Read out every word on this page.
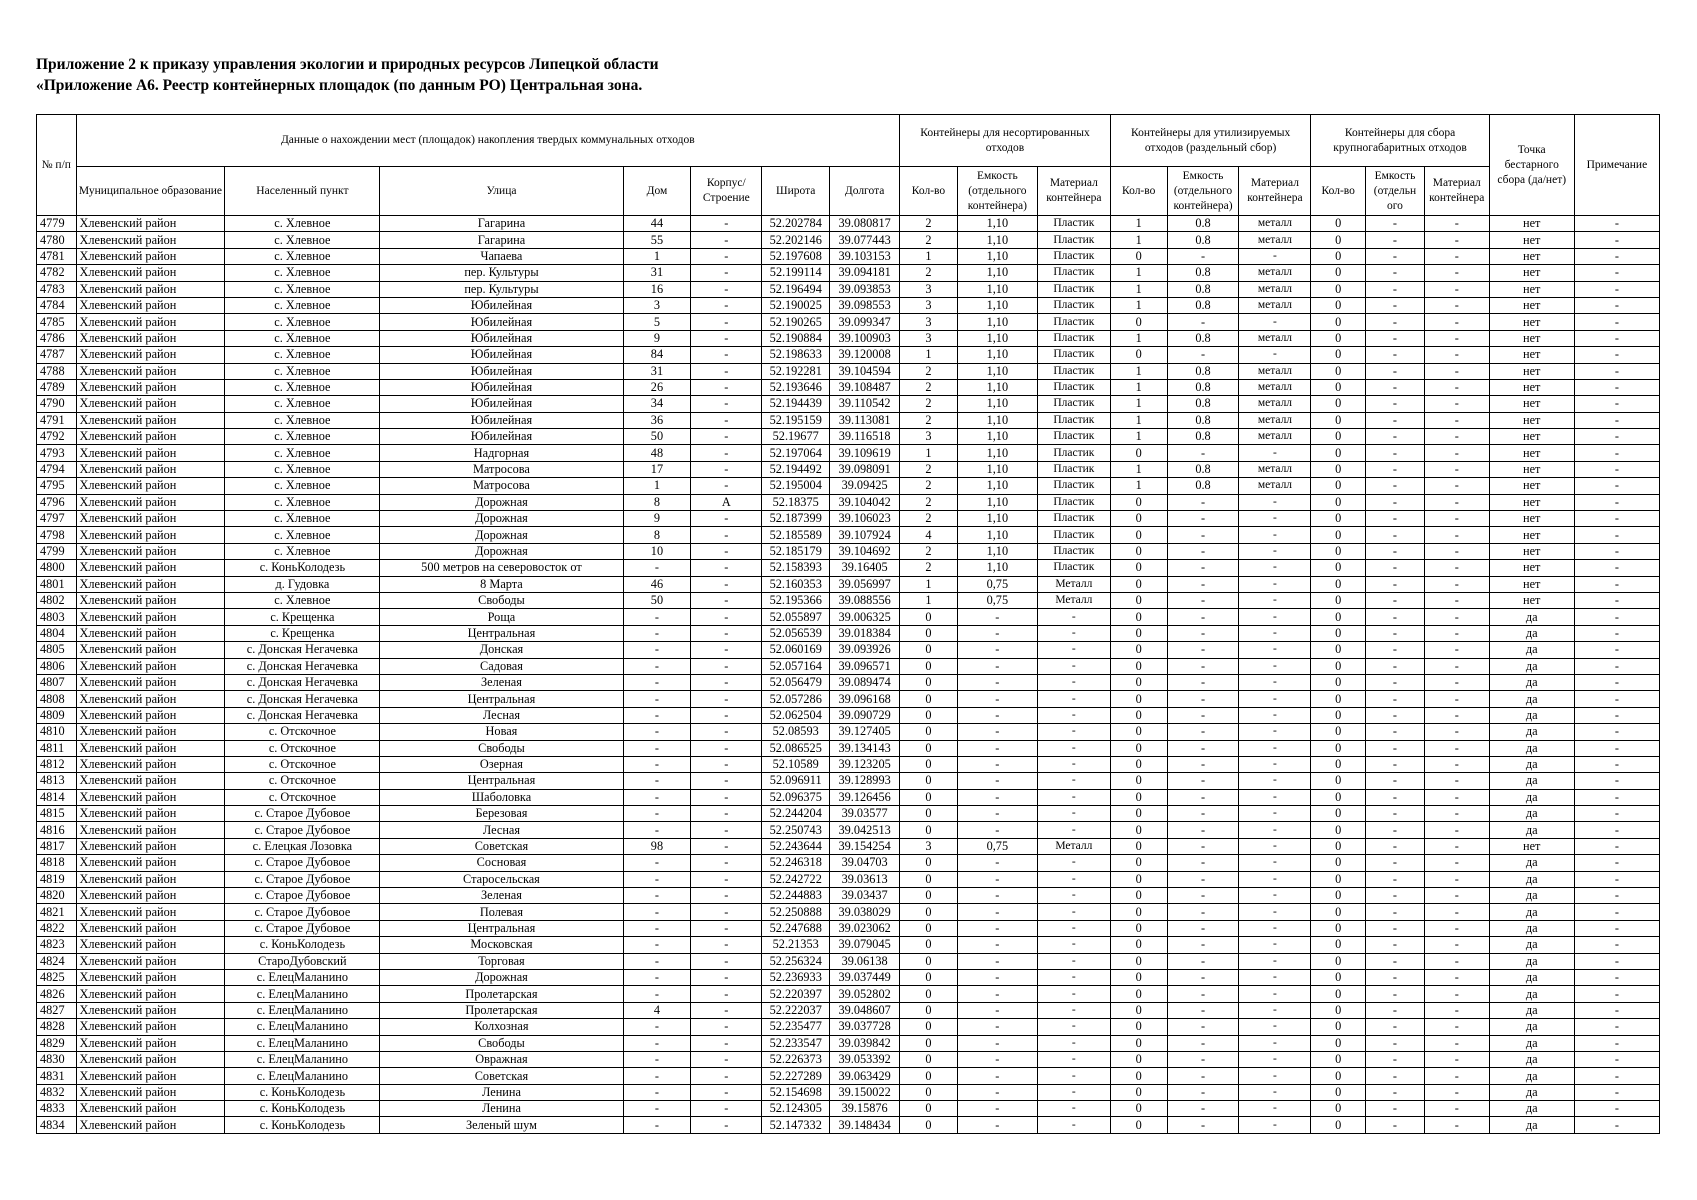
Приложение 2 к приказу управления экологии и природных ресурсов Липецкой области
«Приложение А6. Реестр контейнерных площадок (по данным РО) Центральная зона.
№ п/п	Данные о нахождении мест (площадок) накопления твердых коммунальных отходов							Контейнеры для несортированных отходов			Контейнеры для утилизируемых отходов (раздельный сбор)			Контейнеры для сбора крупногабаритных отходов			Точка бестарного сбора (да/нет)	Примечание
	Муниципальное образование	Населенный пункт	Улица	Дом	Корпус/ Строение	Широта	Долгота	Кол-во	Емкость (отдельного контейнера)	Материал контейнера	Кол-во	Емкость (отдельного контейнера)	Материал контейнера	Кол-во	Емкость (отдельн ого	Материал контейнера		
4779	Хлевенский район	с. Хлевное	Гагарина	44	-	52.202784	39.080817	2	1,10	Пластик	1	0.8	металл	0	-	-	нет	-
4780	Хлевенский район	с. Хлевное	Гагарина	55	-	52.202146	39.077443	2	1,10	Пластик	1	0.8	металл	0	-	-	нет	-
4781	Хлевенский район	с. Хлевное	Чапаева	1	-	52.197608	39.103153	1	1,10	Пластик	0	-	-	0	-	-	нет	-
4782	Хлевенский район	с. Хлевное	пер. Культуры	31	-	52.199114	39.094181	2	1,10	Пластик	1	0.8	металл	0	-	-	нет	-
4783	Хлевенский район	с. Хлевное	пер. Культуры	16	-	52.196494	39.093853	3	1,10	Пластик	1	0.8	металл	0	-	-	нет	-
4784	Хлевенский район	с. Хлевное	Юбилейная	3	-	52.190025	39.098553	3	1,10	Пластик	1	0.8	металл	0	-	-	нет	-
4785	Хлевенский район	с. Хлевное	Юбилейная	5	-	52.190265	39.099347	3	1,10	Пластик	0	-	-	0	-	-	нет	-
4786	Хлевенский район	с. Хлевное	Юбилейная	9	-	52.190884	39.100903	3	1,10	Пластик	1	0.8	металл	0	-	-	нет	-
4787	Хлевенский район	с. Хлевное	Юбилейная	84	-	52.198633	39.120008	1	1,10	Пластик	0	-	-	0	-	-	нет	-
4788	Хлевенский район	с. Хлевное	Юбилейная	31	-	52.192281	39.104594	2	1,10	Пластик	1	0.8	металл	0	-	-	нет	-
4789	Хлевенский район	с. Хлевное	Юбилейная	26	-	52.193646	39.108487	2	1,10	Пластик	1	0.8	металл	0	-	-	нет	-
4790	Хлевенский район	с. Хлевное	Юбилейная	34	-	52.194439	39.110542	2	1,10	Пластик	1	0.8	металл	0	-	-	нет	-
4791	Хлевенский район	с. Хлевное	Юбилейная	36	-	52.195159	39.113081	2	1,10	Пластик	1	0.8	металл	0	-	-	нет	-
4792	Хлевенский район	с. Хлевное	Юбилейная	50	-	52.19677	39.116518	3	1,10	Пластик	1	0.8	металл	0	-	-	нет	-
4793	Хлевенский район	с. Хлевное	Надгорная	48	-	52.197064	39.109619	1	1,10	Пластик	0	-	-	0	-	-	нет	-
4794	Хлевенский район	с. Хлевное	Матросова	17	-	52.194492	39.098091	2	1,10	Пластик	1	0.8	металл	0	-	-	нет	-
4795	Хлевенский район	с. Хлевное	Матросова	1	-	52.195004	39.09425	2	1,10	Пластик	1	0.8	металл	0	-	-	нет	-
4796	Хлевенский район	с. Хлевное	Дорожная	8	А	52.18375	39.104042	2	1,10	Пластик	0	-	-	0	-	-	нет	-
4797	Хлевенский район	с. Хлевное	Дорожная	9	-	52.187399	39.106023	2	1,10	Пластик	0	-	-	0	-	-	нет	-
4798	Хлевенский район	с. Хлевное	Дорожная	8	-	52.185589	39.107924	4	1,10	Пластик	0	-	-	0	-	-	нет	-
4799	Хлевенский район	с. Хлевное	Дорожная	10	-	52.185179	39.104692	2	1,10	Пластик	0	-	-	0	-	-	нет	-
4800	Хлевенский район	с. КоньКолодезь	500 метров на северовосток от	-	-	52.158393	39.16405	2	1,10	Пластик	0	-	-	0	-	-	нет	-
4801	Хлевенский район	д. Гудовка	8 Марта	46	-	52.160353	39.056997	1	0,75	Металл	0	-	-	0	-	-	нет	-
4802	Хлевенский район	с. Хлевное	Свободы	50	-	52.195366	39.088556	1	0,75	Металл	0	-	-	0	-	-	нет	-
4803	Хлевенский район	с. Крещенка	Роща	-	-	52.055897	39.006325	0	-	-	0	-	-	0	-	-	да	-
4804	Хлевенский район	с. Крещенка	Центральная	-	-	52.056539	39.018384	0	-	-	0	-	-	0	-	-	да	-
4805	Хлевенский район	с. Донская Негачевка	Донская	-	-	52.060169	39.093926	0	-	-	0	-	-	0	-	-	да	-
4806	Хлевенский район	с. Донская Негачевка	Садовая	-	-	52.057164	39.096571	0	-	-	0	-	-	0	-	-	да	-
4807	Хлевенский район	с. Донская Негачевка	Зеленая	-	-	52.056479	39.089474	0	-	-	0	-	-	0	-	-	да	-
4808	Хлевенский район	с. Донская Негачевка	Центральная	-	-	52.057286	39.096168	0	-	-	0	-	-	0	-	-	да	-
4809	Хлевенский район	с. Донская Негачевка	Лесная	-	-	52.062504	39.090729	0	-	-	0	-	-	0	-	-	да	-
4810	Хлевенский район	с. Отскочное	Новая	-	-	52.08593	39.127405	0	-	-	0	-	-	0	-	-	да	-
4811	Хлевенский район	с. Отскочное	Свободы	-	-	52.086525	39.134143	0	-	-	0	-	-	0	-	-	да	-
4812	Хлевенский район	с. Отскочное	Озерная	-	-	52.10589	39.123205	0	-	-	0	-	-	0	-	-	да	-
4813	Хлевенский район	с. Отскочное	Центральная	-	-	52.096911	39.128993	0	-	-	0	-	-	0	-	-	да	-
4814	Хлевенский район	с. Отскочное	Шаболовка	-	-	52.096375	39.126456	0	-	-	0	-	-	0	-	-	да	-
4815	Хлевенский район	с. Старое Дубовое	Березовая	-	-	52.244204	39.03577	0	-	-	0	-	-	0	-	-	да	-
4816	Хлевенский район	с. Старое Дубовое	Лесная	-	-	52.250743	39.042513	0	-	-	0	-	-	0	-	-	да	-
4817	Хлевенский район	с. Елецкая Лозовка	Советская	98	-	52.243644	39.154254	3	0,75	Металл	0	-	-	0	-	-	нет	-
4818	Хлевенский район	с. Старое Дубовое	Сосновая	-	-	52.246318	39.04703	0	-	-	0	-	-	0	-	-	да	-
4819	Хлевенский район	с. Старое Дубовое	Старосельская	-	-	52.242722	39.03613	0	-	-	0	-	-	0	-	-	да	-
4820	Хлевенский район	с. Старое Дубовое	Зеленая	-	-	52.244883	39.03437	0	-	-	0	-	-	0	-	-	да	-
4821	Хлевенский район	с. Старое Дубовое	Полевая	-	-	52.250888	39.038029	0	-	-	0	-	-	0	-	-	да	-
4822	Хлевенский район	с. Старое Дубовое	Центральная	-	-	52.247688	39.023062	0	-	-	0	-	-	0	-	-	да	-
4823	Хлевенский район	с. КоньКолодезь	Московская	-	-	52.21353	39.079045	0	-	-	0	-	-	0	-	-	да	-
4824	Хлевенский район	СтароДубовский	Торговая	-	-	52.256324	39.06138	0	-	-	0	-	-	0	-	-	да	-
4825	Хлевенский район	с. ЕлецМаланино	Дорожная	-	-	52.236933	39.037449	0	-	-	0	-	-	0	-	-	да	-
4826	Хлевенский район	с. ЕлецМаланино	Пролетарская	-	-	52.220397	39.052802	0	-	-	0	-	-	0	-	-	да	-
4827	Хлевенский район	с. ЕлецМаланино	Пролетарская	4	-	52.222037	39.048607	0	-	-	0	-	-	0	-	-	да	-
4828	Хлевенский район	с. ЕлецМаланино	Колхозная	-	-	52.235477	39.037728	0	-	-	0	-	-	0	-	-	да	-
4829	Хлевенский район	с. ЕлецМаланино	Свободы	-	-	52.233547	39.039842	0	-	-	0	-	-	0	-	-	да	-
4830	Хлевенский район	с. ЕлецМаланино	Овражная	-	-	52.226373	39.053392	0	-	-	0	-	-	0	-	-	да	-
4831	Хлевенский район	с. ЕлецМаланино	Советская	-	-	52.227289	39.063429	0	-	-	0	-	-	0	-	-	да	-
4832	Хлевенский район	с. КоньКолодезь	Ленина	-	-	52.154698	39.150022	0	-	-	0	-	-	0	-	-	да	-
4833	Хлевенский район	с. КоньКолодезь	Ленина	-	-	52.124305	39.15876	0	-	-	0	-	-	0	-	-	да	-
4834	Хлевенский район	с. КоньКолодезь	Зеленый шум	-	-	52.147332	39.148434	0	-	-	0	-	-	0	-	-	да	-
